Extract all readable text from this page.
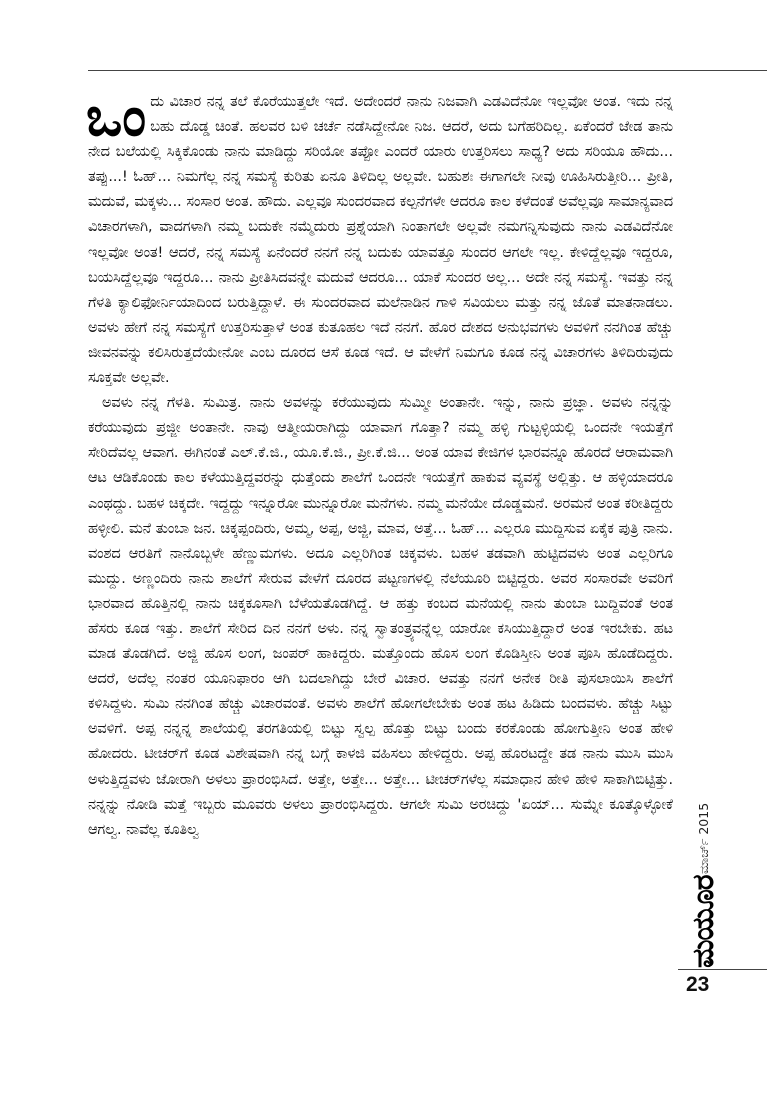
ಒಂದು ವಿಚಾರ ನನ್ನ ತಲೆ ಕೊರೆಯುತ್ತಲೇ ಇದೆ. ಅದೇಂದರೆ ನಾನು ನಿಜವಾಗಿ ಎಡವಿದೆನೋ ಇಲ್ಲವೋ ಅಂತ. ಇದು ನನ್ನ ಬಹು ದೊಡ್ಡ ಚಿಂತೆ. ಹಲವರ ಬಳಿ ಚರ್ಚೆ ನಡೆಸಿದ್ದೇನೋ ನಿಜ. ಆದರೆ, ಅದು ಬಗೆಹರಿದಿಲ್ಲ. ಏಕೆಂದರೆ ಜೇಡ ತಾನು ನೇದ ಬಲೆಯಲ್ಲಿ ಸಿಕ್ಕಿಕೊಂಡು ನಾನು ಮಾಡಿದ್ದು ಸರಿಯೋ ತಪ್ಪೋ ಎಂದರೆ ಯಾರು ಉತ್ತರಿಸಲು ಸಾಧ್ಯ? ಅದು ಸರಿಯೂ ಹೌದು... ತಪ್ಪು...! ಓಹ್... ನಿಮಗೆಲ್ಲ ನನ್ನ ಸಮಸ್ಯೆ ಕುರಿತು ಏನೂ ತಿಳಿದಿಲ್ಲ ಅಲ್ಲವೇ. ಬಹುಶಃ ಈಗಾಗಲೇ ನೀವು ಊಹಿಸಿರುತ್ತೀರಿ... ಪ್ರೀತಿ, ಮದುವೆ, ಮಕ್ಕಳು... ಸಂಸಾರ ಅಂತ. ಹೌದು. ಎಲ್ಲವೂ ಸುಂದರವಾದ ಕಲ್ಪನೆಗಳೇ ಆದರೂ ಕಾಲ ಕಳೆದಂತೆ ಅವೆಲ್ಲವೂ ಸಾಮಾನ್ಯವಾದ ವಿಚಾರಗಳಾಗಿ, ವಾದಗಳಾಗಿ ನಮ್ಮ ಬದುಕೇ ನಮ್ಮೆದುರು ಪ್ರಶ್ನೆಯಾಗಿ ನಿಂತಾಗಲೇ ಅಲ್ಲವೇ ನಮಗನ್ನಿಸುವುದು ನಾನು ಎಡವಿದೆನೋ ಇಲ್ಲವೋ ಅಂತ! ಆದರೆ, ನನ್ನ ಸಮಸ್ಯೆ ಏನೆಂದರೆ ನನಗೆ ನನ್ನ ಬದುಕು ಯಾವತ್ತೂ ಸುಂದರ ಆಗಲೇ ಇಲ್ಲ. ಕೇಳಿದ್ದೆಲ್ಲವೂ ಇದ್ದರೂ, ಬಯಸಿದ್ದೆಲ್ಲವೂ ಇದ್ದರೂ... ನಾನು ಪ್ರೀತಿಸಿದವನ್ನೇ ಮದುವೆ ಆದರೂ... ಯಾಕೆ ಸುಂದರ ಅಲ್ಲ... ಅದೇ ನನ್ನ ಸಮಸ್ಯೆ. ಇವತ್ತು ನನ್ನ ಗೆಳತಿ ಕ್ಯಾಲಿಫೋರ್ನಿಯಾದಿಂದ ಬರುತ್ತಿದ್ದಾಳೆ. ಈ ಸುಂದರವಾದ ಮಲೆನಾಡಿನ ಗಾಳಿ ಸವಿಯಲು ಮತ್ತು ನನ್ನ ಜೊತೆ ಮಾತನಾಡಲು. ಅವಳು ಹೇಗೆ ನನ್ನ ಸಮಸ್ಯೆಗೆ ಉತ್ತರಿಸುತ್ತಾಳೆ ಅಂತ ಕುತೂಹಲ ಇದೆ ನನಗೆ. ಹೊರ ದೇಶದ ಅನುಭವಗಳು ಅವಳಿಗೆ ನನಗಿಂತ ಹೆಚ್ಚು ಜೀವನವನ್ನು ಕಲಿಸಿರುತ್ತದೆಯೇನೋ ಎಂಬ ದೂರದ ಆಸೆ ಕೂಡ ಇದೆ. ಆ ವೇಳೆಗೆ ನಿಮಗೂ ಕೂಡ ನನ್ನ ವಿಚಾರಗಳು ತಿಳಿದಿರುವುದು ಸೂಕ್ತವೇ ಅಲ್ಲವೇ.

ಅವಳು ನನ್ನ ಗೆಳತಿ. ಸುಮಿತ್ರ. ನಾನು ಅವಳನ್ನು ಕರೆಯುವುದು ಸುಮ್ಮೀ ಅಂತಾನೇ. ಇನ್ನು, ನಾನು ಪ್ರಜ್ಞಾ. ಅವಳು ನನ್ನನ್ನು ಕರೆಯುವುದು ಪ್ರಜ್ಜೀ ಅಂತಾನೇ. ನಾವು ಆತ್ಮೀಯರಾಗಿದ್ದು ಯಾವಾಗ ಗೊತ್ತಾ? ನಮ್ಮ ಹಳ್ಳಿ ಗುಟ್ಟಳ್ಳಿಯಲ್ಲಿ ಒಂದನೇ ಇಯತ್ತೆಗೆ ಸೇರಿದೆವಲ್ಲ ಆವಾಗ. ಈಗಿನಂತೆ ಎಲ್.ಕೆ.ಜಿ., ಯೂ.ಕೆ.ಜಿ., ಪ್ರೀ.ಕೆ.ಜಿ... ಅಂತ ಯಾವ ಕೇಜಿಗಳ ಭಾರವನ್ನೂ ಹೊರದೆ ಆರಾಮವಾಗಿ ಆಟ ಆಡಿಕೊಂಡು ಕಾಲ ಕಳೆಯುತ್ತಿದ್ದವರನ್ನು ಧುತ್ತೆಂದು ಶಾಲೆಗೆ ಒಂದನೇ ಇಯತ್ತೆಗೆ ಹಾಕುವ ವ್ಯವಸ್ಥೆ ಅಲ್ಲಿತ್ತು. ಆ ಹಳ್ಳಿಯಾದರೂ ಎಂಥದ್ದು. ಬಹಳ ಚಿಕ್ಕದೇ. ಇದ್ದದ್ದು ಇನ್ನೂರೋ ಮುನ್ನೂರೋ ಮನೆಗಳು. ನಮ್ಮ ಮನೆಯೇ ದೊಡ್ಡಮನೆ. ಅರಮನೆ ಅಂತ ಕರೀತಿದ್ದರು ಹಳ್ಳೀಲಿ. ಮನೆ ತುಂಬಾ ಜನ. ಚಿಕ್ಕಪ್ಪಂದಿರು, ಅಮ್ಮ, ಅಪ್ಪ, ಅಜ್ಜಿ, ಮಾವ, ಅತ್ತೆ... ಓಹ್... ಎಲ್ಲರೂ ಮುದ್ದಿಸುವ ಏಕೈಕ ಪುತ್ರಿ ನಾನು. ವಂಶದ ಆರತಿಗೆ ನಾನೊಬ್ಬಳೇ ಹೆಣ್ಣುಮಗಳು. ಅದೂ ಎಲ್ಲರಿಗಿಂತ ಚಿಕ್ಕವಳು. ಬಹಳ ತಡವಾಗಿ ಹುಟ್ಟಿದವಳು ಅಂತ ಎಲ್ಲರಿಗೂ ಮುದ್ದು. ಅಣ್ಣಂದಿರು ನಾನು ಶಾಲೆಗೆ ಸೇರುವ ವೇಳೆಗೆ ದೂರದ ಪಟ್ಟಣಗಳಲ್ಲಿ ನೆಲೆಯೂರಿ ಬಿಟ್ಟಿದ್ದರು. ಅವರ ಸಂಸಾರವೇ ಅವರಿಗೆ ಭಾರವಾದ ಹೊತ್ತಿನಲ್ಲಿ ನಾನು ಚಿಕ್ಕಕೂಸಾಗಿ ಬೆಳೆಯತೊಡಗಿದ್ದೆ. ಆ ಹತ್ತು ಕಂಬದ ಮನೆಯಲ್ಲಿ ನಾನು ತುಂಬಾ ಬುದ್ದಿವಂತೆ ಅಂತ ಹೆಸರು ಕೂಡ ಇತ್ತು. ಶಾಲೆಗೆ ಸೇರಿದ ದಿನ ನನಗೆ ಅಳು. ನನ್ನ ಸ್ವಾತಂತ್ರ್ಯವನ್ನೆಲ್ಲ ಯಾರೋ ಕಸಿಯುತ್ತಿದ್ದಾರೆ ಅಂತ ಇರಬೇಕು. ಹಟ ಮಾಡ ತೊಡಗಿದೆ. ಅಜ್ಜಿ ಹೊಸ ಲಂಗ, ಜಂಪರ್ ಹಾಕಿದ್ದರು. ಮತ್ತೊಂದು ಹೊಸ ಲಂಗ ಕೊಡಿಸ್ತೀನಿ ಅಂತ ಪೂಸಿ ಹೊಡೆದಿದ್ದರು. ಆದರೆ, ಅದೆಲ್ಲ ನಂತರ ಯೂನಿಫಾರಂ ಆಗಿ ಬದಲಾಗಿದ್ದು ಬೇರೆ ವಿಚಾರ. ಆವತ್ತು ನನಗೆ ಅನೇಕ ರೀತಿ ಪುಸಲಾಯಿಸಿ ಶಾಲೆಗೆ ಕಳಿಸಿದ್ದಳು. ಸುಮಿ ನನಗಿಂತ ಹೆಚ್ಚು ವಿಚಾರವಂತೆ. ಅವಳು ಶಾಲೆಗೆ ಹೋಗಲೇಬೇಕು ಅಂತ ಹಟ ಹಿಡಿದು ಬಂದವಳು. ಹೆಚ್ಚು ಸಿಟ್ಟು ಅವಳಿಗೆ. ಅಪ್ಪ ನನ್ನನ್ನ ಶಾಲೆಯಲ್ಲಿ ತರಗತಿಯಲ್ಲಿ ಬಿಟ್ಟು ಸ್ವಲ್ಪ ಹೊತ್ತು ಬಿಟ್ಟು ಬಂದು ಕರಕೊಂಡು ಹೋಗುತ್ತೀನಿ ಅಂತ ಹೇಳಿ ಹೋದರು. ಟೀಚರ್‌ಗೆ ಕೂಡ ವಿಶೇಷವಾಗಿ ನನ್ನ ಬಗ್ಗೆ ಕಾಳಜಿ ವಹಿಸಲು ಹೇಳಿದ್ದರು. ಅಪ್ಪ ಹೊರಟದ್ದೇ ತಡ ನಾನು ಮುಸಿ ಮುಸಿ ಅಳುತ್ತಿದ್ದವಳು ಜೋರಾಗಿ ಅಳಲು ಪ್ರಾರಂಭಿಸಿದೆ. ಅತ್ತೇ, ಅತ್ತೇ... ಅತ್ತೇ... ಟೀಚರ್‌ಗಳೆಲ್ಲ ಸಮಾಧಾನ ಹೇಳಿ ಹೇಳಿ ಸಾಕಾಗಿಬಿಟ್ಟಿತ್ತು. ನನ್ನನ್ನು ನೋಡಿ ಮತ್ತೆ ಇಬ್ಬರು ಮೂವರು ಅಳಲು ಪ್ರಾರಂಭಿಸಿದ್ದರು. ಆಗಲೇ ಸುಮಿ ಅರಚಿದ್ದು 'ಏಯ್... ಸುಮ್ನೇ ಕೂತ್ಕೊಳ್ಳೋಕೆ ಆಗಲ್ವ. ನಾವೆಲ್ಲ ಕೂತಿಲ್ವ	ಮಾರ್ಚ್ 2015
ಮಯೂರ
23
